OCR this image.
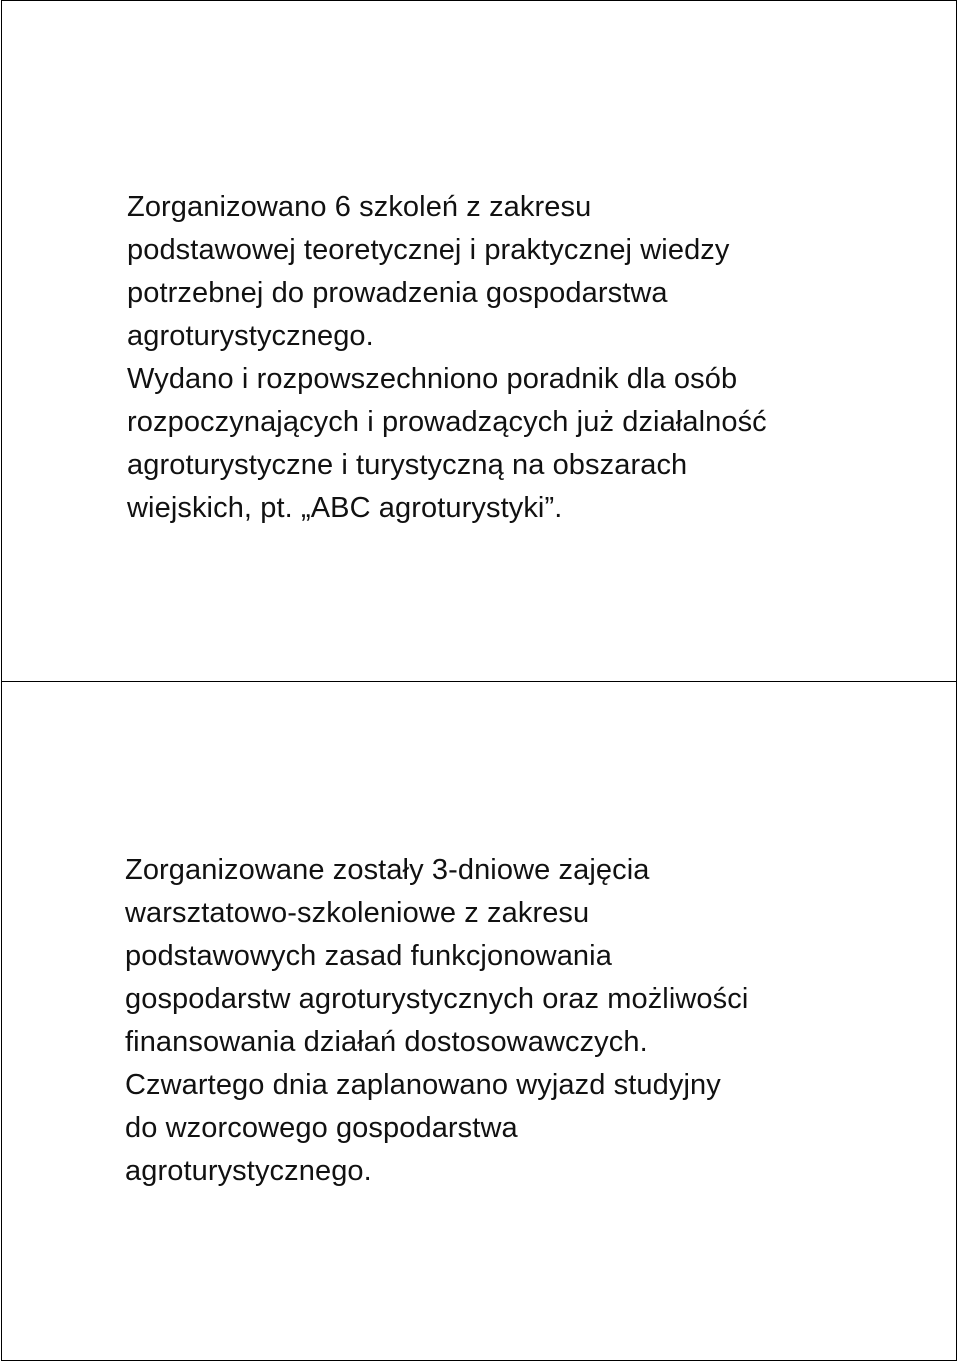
Zorganizowano 6 szkoleń z zakresu
podstawowej teoretycznej i praktycznej wiedzy
potrzebnej do prowadzenia gospodarstwa
agroturystycznego.

Wydano i rozpowszechniono poradnik dla osób
rozpoczynających i prowadzących już działalność
agroturystyczne i turystyczną na obszarach
wiejskich, pt. „ABC agroturystyki”.

Zorganizowane zostały 3-dniowe zajęcia
warsztatowo-szkoleniowe z zakresu
podstawowych zasad funkcjonowania
gospodarstw agroturystycznych oraz możliwości
finansowania działań dostosowawczych.

Czwartego dnia zaplanowano wyjazd studyjny
do wzorcowego gospodarstwa
agroturystycznego.
